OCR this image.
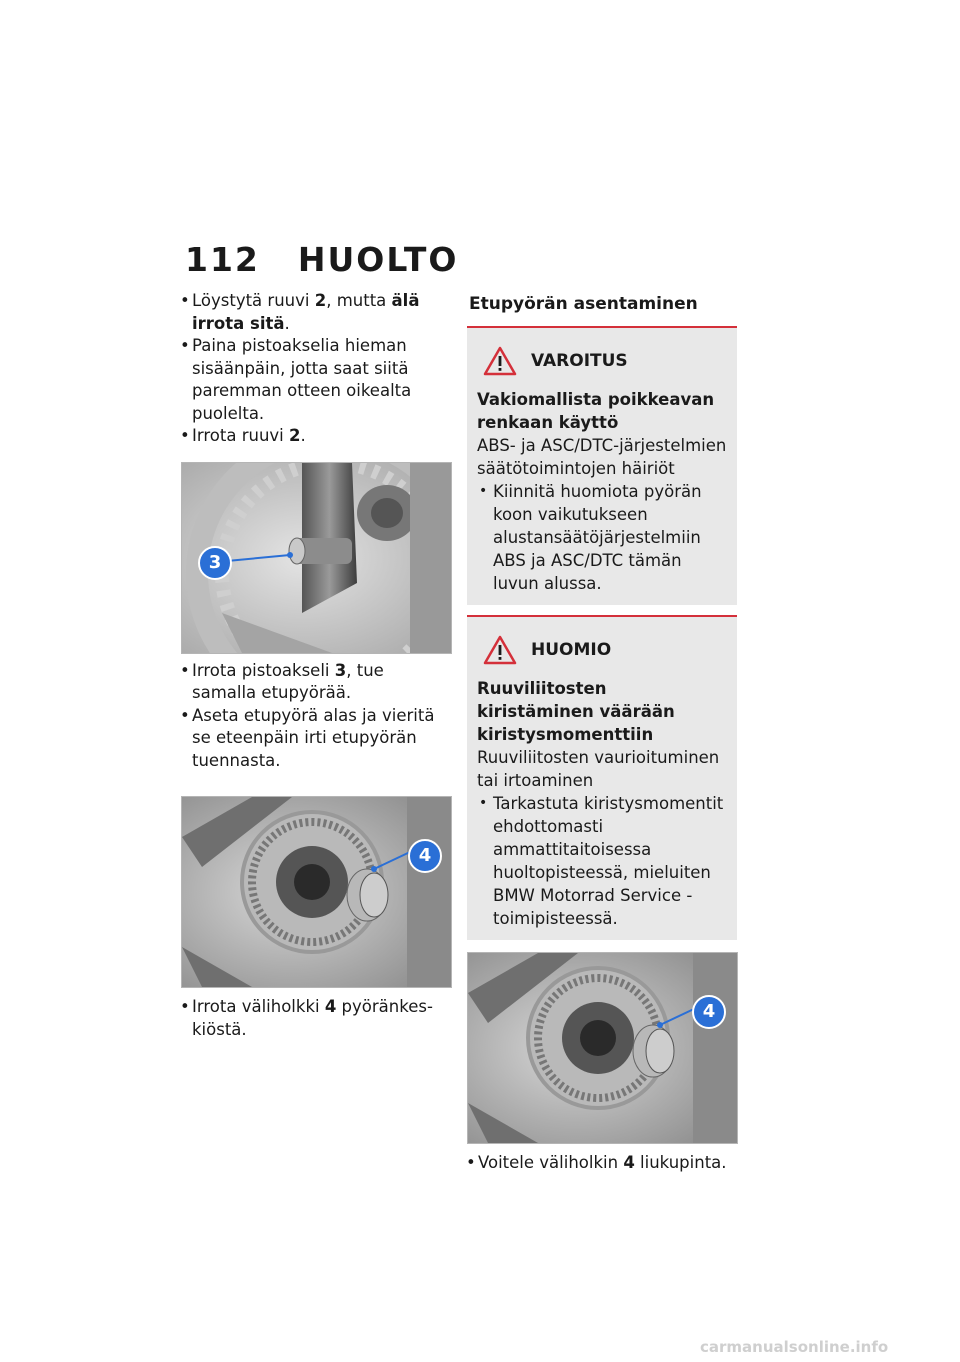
112 HUOLTO
• Löystytä ruuvi 2, mutta älä irrota sitä.
• Paina pistoakselia hieman sisäänpäin, jotta saat siitä paremman otteen oikealta puolelta.
• Irrota ruuvi 2.
3
• Irrota pistoakseli 3, tue samalla etupyörää.
• Aseta etupyörä alas ja vieritä se eteenpäin irti etupyörän tuennasta.
4
• Irrota väliholkki 4 pyöränkeskiöstä.
Etupyörän asentaminen
VAROITUS
Vakiomallista poikkeavan renkaan käyttö
ABS- ja ASC/DTC-järjestelmien säätötoimintojen häiriöt
• Kiinnitä huomiota pyörän koon vaikutukseen alustansäätöjärjestelmiin ABS ja ASC/DTC tämän luvun alussa.
HUOMIO
Ruuviliitosten kiristäminen väärään kiristysmomenttiin
Ruuviliitosten vaurioituminen tai irtoaminen
• Tarkastuta kiristysmomentit ehdottomasti ammattitaitoisessa huoltopisteessä, mieluiten BMW Motorrad Service -toimipisteessä.
4
• Voitele väliholkin 4 liukupinta.
carmanualsonline.info
